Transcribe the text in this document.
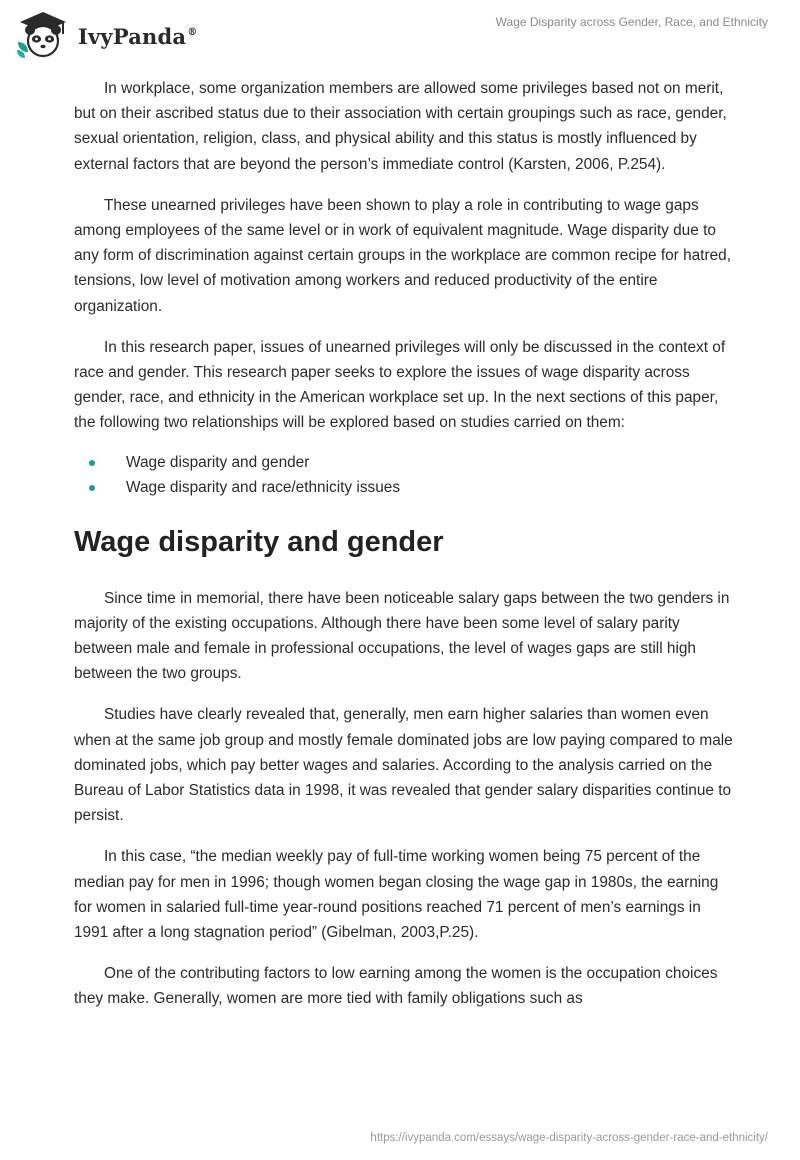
IvyPanda®
Wage Disparity across Gender, Race, and Ethnicity

In workplace, some organization members are allowed some privileges based not on merit, but on their ascribed status due to their association with certain groupings such as race, gender, sexual orientation, religion, class, and physical ability and this status is mostly influenced by external factors that are beyond the person’s immediate control (Karsten, 2006, P.254).

These unearned privileges have been shown to play a role in contributing to wage gaps among employees of the same level or in work of equivalent magnitude. Wage disparity due to any form of discrimination against certain groups in the workplace are common recipe for hatred, tensions, low level of motivation among workers and reduced productivity of the entire organization.

In this research paper, issues of unearned privileges will only be discussed in the context of race and gender. This research paper seeks to explore the issues of wage disparity across gender, race, and ethnicity in the American workplace set up. In the next sections of this paper, the following two relationships will be explored based on studies carried on them:

Wage disparity and gender
Wage disparity and race/ethnicity issues
Wage disparity and gender

Since time in memorial, there have been noticeable salary gaps between the two genders in majority of the existing occupations. Although there have been some level of salary parity between male and female in professional occupations, the level of wages gaps are still high between the two groups.

Studies have clearly revealed that, generally, men earn higher salaries than women even when at the same job group and mostly female dominated jobs are low paying compared to male dominated jobs, which pay better wages and salaries. According to the analysis carried on the Bureau of Labor Statistics data in 1998, it was revealed that gender salary disparities continue to persist.

In this case, “the median weekly pay of full-time working women being 75 percent of the median pay for men in 1996; though women began closing the wage gap in 1980s, the earning for women in salaried full-time year-round positions reached 71 percent of men’s earnings in 1991 after a long stagnation period” (Gibelman, 2003,P.25).

One of the contributing factors to low earning among the women is the occupation choices they make. Generally, women are more tied with family obligations such as

https://ivypanda.com/essays/wage-disparity-across-gender-race-and-ethnicity/
